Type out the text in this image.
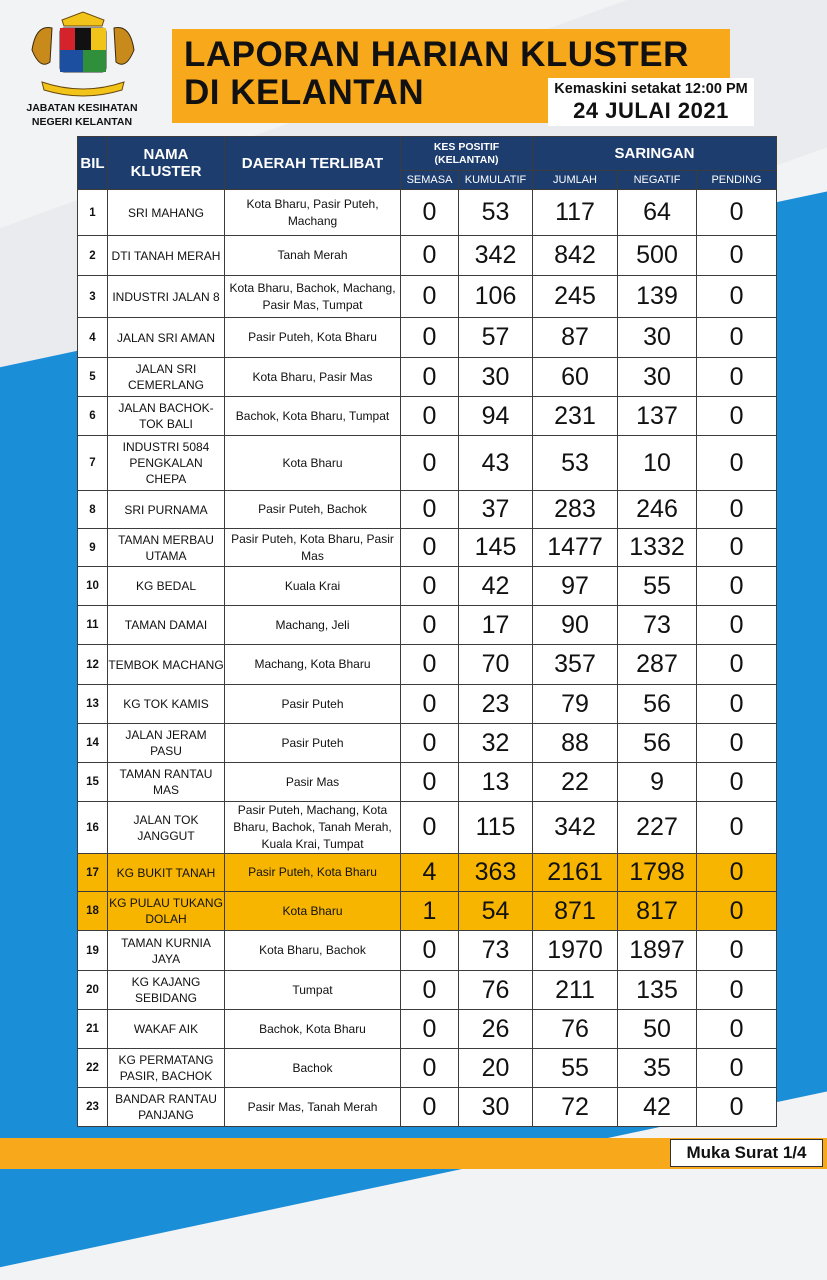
JABATAN KESIHATAN
NEGERI KELANTAN
LAPORAN HARIAN KLUSTER
DI KELANTAN	Kemaskini setakat 12:00 PM
24 JULAI 2021
BIL	NAMA KLUSTER	DAERAH TERLIBAT	KES POSITIF (KELANTAN)		SARINGAN		
			SEMASA	KUMULATIF	JUMLAH	NEGATIF	PENDING
1	SRI MAHANG	Kota Bharu, Pasir Puteh, Machang	0	53	117	64	0
2	DTI TANAH MERAH	Tanah Merah	0	342	842	500	0
3	INDUSTRI JALAN 8	Kota Bharu, Bachok, Machang, Pasir Mas, Tumpat	0	106	245	139	0
4	JALAN SRI AMAN	Pasir Puteh, Kota Bharu	0	57	87	30	0
5	JALAN SRI CEMERLANG	Kota Bharu, Pasir Mas	0	30	60	30	0
6	JALAN BACHOK-TOK BALI	Bachok, Kota Bharu, Tumpat	0	94	231	137	0
7	INDUSTRI 5084 PENGKALAN CHEPA	Kota Bharu	0	43	53	10	0
8	SRI PURNAMA	Pasir Puteh, Bachok	0	37	283	246	0
9	TAMAN MERBAU UTAMA	Pasir Puteh, Kota Bharu, Pasir Mas	0	145	1477	1332	0
10	KG BEDAL	Kuala Krai	0	42	97	55	0
11	TAMAN DAMAI	Machang, Jeli	0	17	90	73	0
12	TEMBOK MACHANG	Machang, Kota Bharu	0	70	357	287	0
13	KG TOK KAMIS	Pasir Puteh	0	23	79	56	0
14	JALAN JERAM PASU	Pasir Puteh	0	32	88	56	0
15	TAMAN RANTAU MAS	Pasir Mas	0	13	22	9	0
16	JALAN TOK JANGGUT	Pasir Puteh, Machang, Kota Bharu, Bachok, Tanah Merah, Kuala Krai, Tumpat	0	115	342	227	0
17	KG BUKIT TANAH	Pasir Puteh, Kota Bharu	4	363	2161	1798	0
18	KG PULAU TUKANG DOLAH	Kota Bharu	1	54	871	817	0
19	TAMAN KURNIA JAYA	Kota Bharu, Bachok	0	73	1970	1897	0
20	KG KAJANG SEBIDANG	Tumpat	0	76	211	135	0
21	WAKAF AIK	Bachok, Kota Bharu	0	26	76	50	0
22	KG PERMATANG PASIR, BACHOK	Bachok	0	20	55	35	0
23	BANDAR RANTAU PANJANG	Pasir Mas, Tanah Merah	0	30	72	42	0
Muka Surat 1/4
